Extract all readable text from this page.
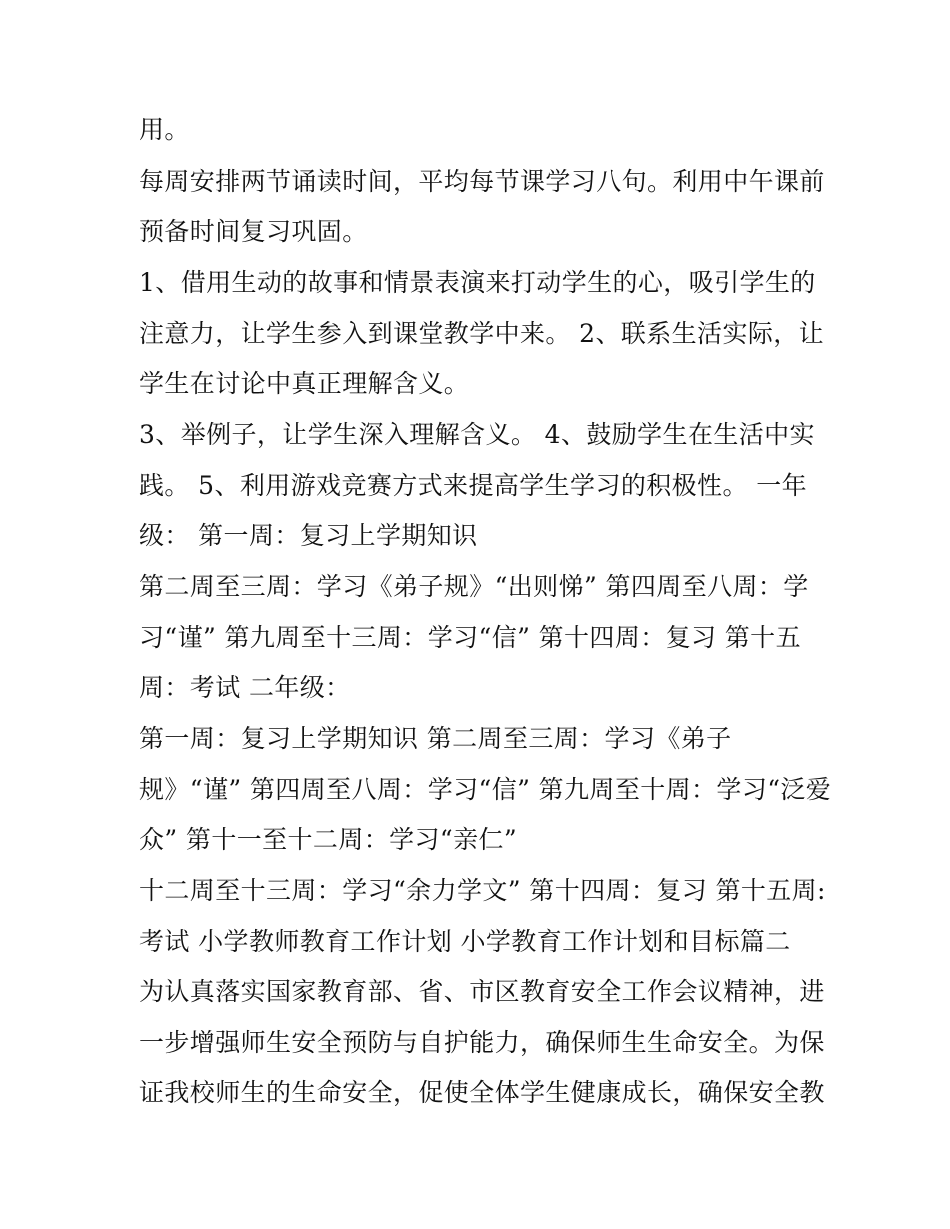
用。
每周安排两节诵读时间，平均每节课学习八句。利用中午课前
预备时间复习巩固。
1、借用生动的故事和情景表演来打动学生的心，吸引学生的
注意力，让学生参入到课堂教学中来。 2、联系生活实际，让
学生在讨论中真正理解含义。
3、举例子，让学生深入理解含义。 4、鼓励学生在生活中实
践。 5、利用游戏竞赛方式来提高学生学习的积极性。 一年
级： 第一周：复习上学期知识
第二周至三周：学习《弟子规》“出则悌” 第四周至八周：学
习“谨” 第九周至十三周：学习“信” 第十四周：复习 第十五
周：考试 二年级：
第一周：复习上学期知识 第二周至三周：学习《弟子
规》“谨” 第四周至八周：学习“信” 第九周至十周：学习“泛爱
众” 第十一至十二周：学习“亲仁”
十二周至十三周：学习“余力学文” 第十四周：复习 第十五周:
考试 小学教师教育工作计划 小学教育工作计划和目标篇二
为认真落实国家教育部、省、市区教育安全工作会议精神，进
一步增强师生安全预防与自护能力，确保师生生命安全。为保
证我校师生的生命安全，促使全体学生健康成长，确保安全教
